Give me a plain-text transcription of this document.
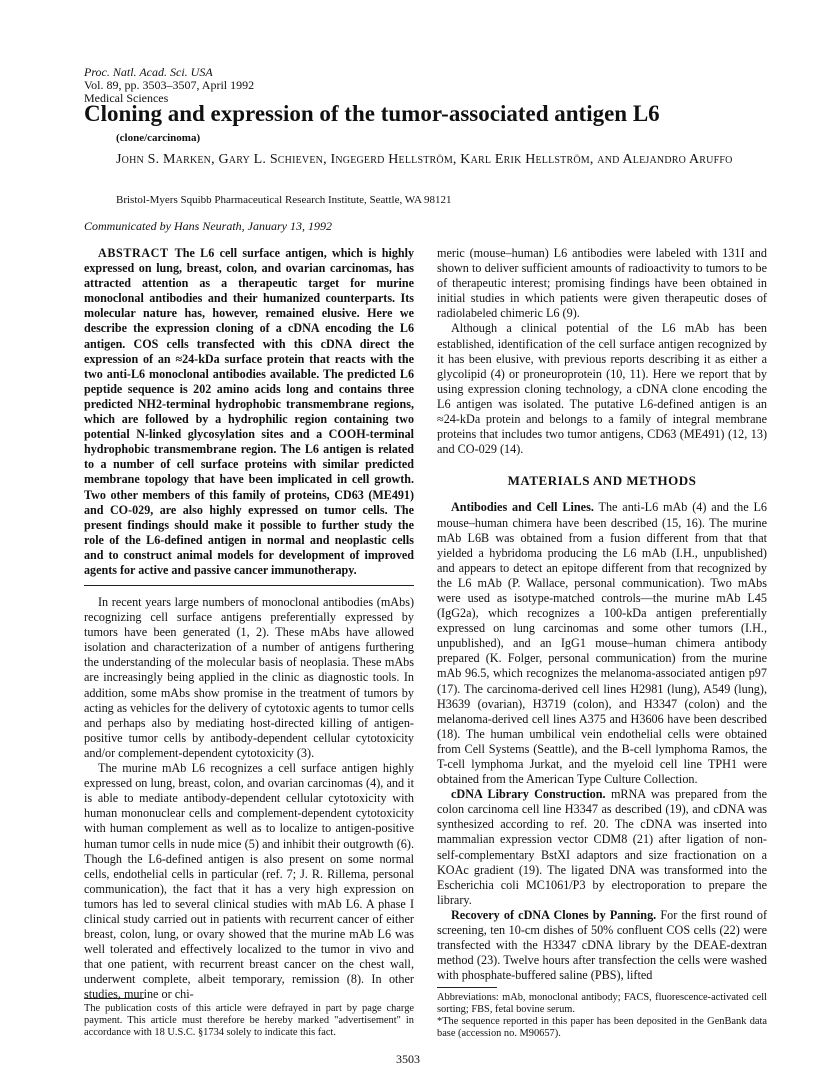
Proc. Natl. Acad. Sci. USA
Vol. 89, pp. 3503–3507, April 1992
Medical Sciences
Cloning and expression of the tumor-associated antigen L6
(clone/carcinoma)
John S. Marken, Gary L. Schieven, Ingegerd Hellström, Karl Erik Hellström, and Alejandro Aruffo
Bristol-Myers Squibb Pharmaceutical Research Institute, Seattle, WA 98121
Communicated by Hans Neurath, January 13, 1992
ABSTRACT The L6 cell surface antigen, which is highly expressed on lung, breast, colon, and ovarian carcinomas, has attracted attention as a therapeutic target for murine monoclonal antibodies and their humanized counterparts. Its molecular nature has, however, remained elusive. Here we describe the expression cloning of a cDNA encoding the L6 antigen. COS cells transfected with this cDNA direct the expression of an ≈24-kDa surface protein that reacts with the two anti-L6 monoclonal antibodies available. The predicted L6 peptide sequence is 202 amino acids long and contains three predicted NH2-terminal hydrophobic transmembrane regions, which are followed by a hydrophilic region containing two potential N-linked glycosylation sites and a COOH-terminal hydrophobic transmembrane region. The L6 antigen is related to a number of cell surface proteins with similar predicted membrane topology that have been implicated in cell growth. Two other members of this family of proteins, CD63 (ME491) and CO-029, are also highly expressed on tumor cells. The present findings should make it possible to further study the role of the L6-defined antigen in normal and neoplastic cells and to construct animal models for development of improved agents for active and passive cancer immunotherapy.

In recent years large numbers of monoclonal antibodies (mAbs) recognizing cell surface antigens preferentially expressed by tumors have been generated (1, 2). These mAbs have allowed isolation and characterization of a number of antigens furthering the understanding of the molecular basis of neoplasia. These mAbs are increasingly being applied in the clinic as diagnostic tools. In addition, some mAbs show promise in the treatment of tumors by acting as vehicles for the delivery of cytotoxic agents to tumor cells and perhaps also by mediating host-directed killing of antigen-positive tumor cells by antibody-dependent cellular cytotoxicity and/or complement-dependent cytotoxicity (3).

The murine mAb L6 recognizes a cell surface antigen highly expressed on lung, breast, colon, and ovarian carcinomas (4), and it is able to mediate antibody-dependent cellular cytotoxicity with human mononuclear cells and complement-dependent cytotoxicity with human complement as well as to localize to antigen-positive human tumor cells in nude mice (5) and inhibit their outgrowth (6). Though the L6-defined antigen is also present on some normal cells, endothelial cells in particular (ref. 7; J. R. Rillema, personal communication), the fact that it has a very high expression on tumors has led to several clinical studies with mAb L6. A phase I clinical study carried out in patients with recurrent cancer of either breast, colon, lung, or ovary showed that the murine mAb L6 was well tolerated and effectively localized to the tumor in vivo and that one patient, with recurrent breast cancer on the chest wall, underwent complete, albeit temporary, remission (8). In other studies, murine or chi-

meric (mouse–human) L6 antibodies were labeled with 131I and shown to deliver sufficient amounts of radioactivity to tumors to be of therapeutic interest; promising findings have been obtained in initial studies in which patients were given therapeutic doses of radiolabeled chimeric L6 (9).

Although a clinical potential of the L6 mAb has been established, identification of the cell surface antigen recognized by it has been elusive, with previous reports describing it as either a glycolipid (4) or proneuroprotein (10, 11). Here we report that by using expression cloning technology, a cDNA clone encoding the L6 antigen was isolated. The putative L6-defined antigen is an ≈24-kDa protein and belongs to a family of integral membrane proteins that includes two tumor antigens, CD63 (ME491) (12, 13) and CO-029 (14).

MATERIALS AND METHODS

Antibodies and Cell Lines. The anti-L6 mAb (4) and the L6 mouse–human chimera have been described (15, 16). The murine mAb L6B was obtained from a fusion different from that that yielded a hybridoma producing the L6 mAb (I.H., unpublished) and appears to detect an epitope different from that recognized by the L6 mAb (P. Wallace, personal communication). Two mAbs were used as isotype-matched controls—the murine mAb L45 (IgG2a), which recognizes a 100-kDa antigen preferentially expressed on lung carcinomas and some other tumors (I.H., unpublished), and an IgG1 mouse–human chimera antibody prepared (K. Folger, personal communication) from the murine mAb 96.5, which recognizes the melanoma-associated antigen p97 (17). The carcinoma-derived cell lines H2981 (lung), A549 (lung), H3639 (ovarian), H3719 (colon), and H3347 (colon) and the melanoma-derived cell lines A375 and H3606 have been described (18). The human umbilical vein endothelial cells were obtained from Cell Systems (Seattle), and the B-cell lymphoma Ramos, the T-cell lymphoma Jurkat, and the myeloid cell line TPH1 were obtained from the American Type Culture Collection.

cDNA Library Construction. mRNA was prepared from the colon carcinoma cell line H3347 as described (19), and cDNA was synthesized according to ref. 20. The cDNA was inserted into mammalian expression vector CDM8 (21) after ligation of non-self-complementary BstXI adaptors and size fractionation on a KOAc gradient (19). The ligated DNA was transformed into the Escherichia coli MC1061/P3 by electroporation to prepare the library.

Recovery of cDNA Clones by Panning. For the first round of screening, ten 10-cm dishes of 50% confluent COS cells (22) were transfected with the H3347 cDNA library by the DEAE-dextran method (23). Twelve hours after transfection the cells were washed with phosphate-buffered saline (PBS), lifted

The publication costs of this article were defrayed in part by page charge payment. This article must therefore be hereby marked "advertisement" in accordance with 18 U.S.C. §1734 solely to indicate this fact.
Abbreviations: mAb, monoclonal antibody; FACS, fluorescence-activated cell sorting; FBS, fetal bovine serum.
*The sequence reported in this paper has been deposited in the GenBank data base (accession no. M90657).
3503
